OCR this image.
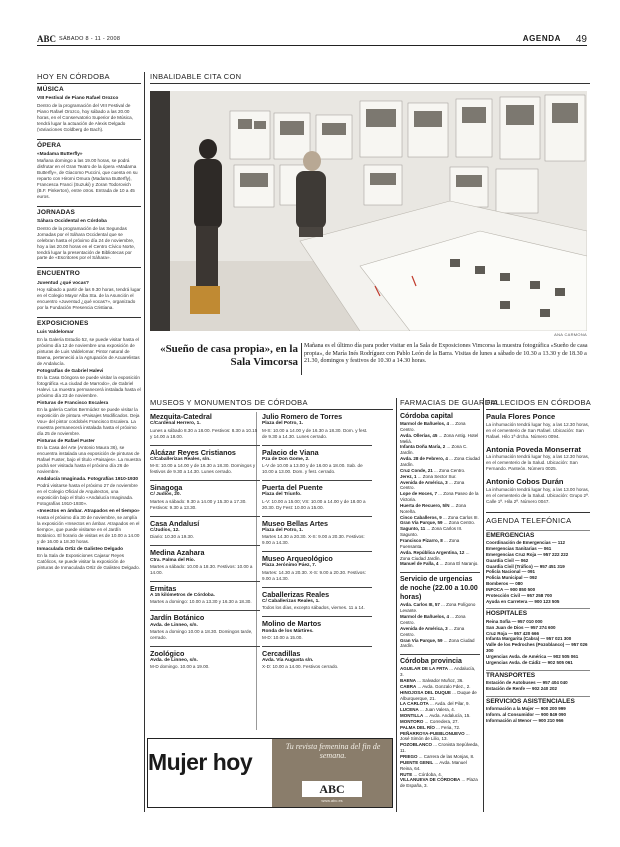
ABC SÁBADO 8 - 11 - 2008	AGENDA 49
HOY EN CÓRDOBA
MÚSICA
VIII Festival de Piano Rafael Orozco
Dentro de la programación del VIII Festival de Piano Rafael Orozco, hoy sábado a las 20.00 horas, en el Conservatorio Superior de Música, tendrá lugar la actuación de Alexis Delgado (Variaciones Goldberg de Bach).
ÓPERA
«Madama Butterfly»
Mañana domingo a las 19.00 horas, se podrá disfrutar en el Gran Teatro de la ópera «Madama Butterfly», de Giacomo Puccini, que cuenta en su reparto con Hiromi Omura (Madama Butterfly), Francesca Franci (Suzuki) y Zoran Todorovich (B.F. Pinkerton), entre otros. Entrada de 10 a 45 euros.
JORNADAS
Sáhara Occidental en Córdoba
Dentro de la programación de las Segundas Jornadas por el Sáhara Occidental que se celebran hasta el próximo día 24 de noviembre, hoy a las 20.00 horas en el Centro Cívico Norte, tendrá lugar la presentación de Bibliotecas por parte de «Escritores por el Sáhara».
ENCUENTRO
Juventud ¿qué vocas?
Hoy sábado a partir de las 9.30 horas, tendrá lugar en el Colegio Mayor Alba Sta. de la Asunción el encuentro «Juventud ¿qué vocas?», organizado por la Fundación Presencia Cristiana.
EXPOSICIONES
Luis Valdelomar
En la Galería Estudio 52, se puede visitar hasta el próximo día 12 de noviembre una exposición de pinturas de Luis Valdelomar. Pintor natural de Baena, perteneció a la Agrupación de Acuarelistas de Andalucía.
Fotografías de Gabriel Halevi
En la Casa Góngora se puede visitar la exposición fotográfica «La ciudad de Marrodo», de Gabriel Halevi. La muestra permanecerá instalada hasta el próximo día 23 de noviembre.
Pinturas de Francisco Escalera
En la galería Carlos Bermúdez se puede visitar la exposición de pintura «Paisajes Modificados. Deja Vou» del pintor cordobés Francisco Escalera. La muestra permanecerá instalada hasta el próximo día 25 de noviembre.
Pinturas de Rafael Fuster
En la Casa del Arte (Antonio Maura 36), se encuentra instalada una exposición de pinturas de Rafael Fuster, bajo el título «Paisajes». La muestra podrá ser visitada hasta el próximo día 26 de noviembre.
Andalucía Imaginada. Fotografías 1910-1930
Podrá visitarse hasta el próximo 27 de noviembre en el Colegio Oficial de Arquitectos, una exposición bajo el título «Andalucía Imaginada. Fotografías 1910-1930».
«Insectos en ámbar. Atrapados en el tiempo»
Hasta el próximo día 30 de noviembre, se amplía la exposición «Insectos en ámbar. Atrapados en el tiempo», que puede visitarse en el Jardín Botánico. El horario de visitas es de 10.00 a 14.00 y de 16.00 a 18.30 horas.
Inmaculada Ortiz de Galisteo Delgado
En la Sala de Exposiciones Cajasur Reyes Católicos, se puede visitar la exposición de pinturas de Inmaculada Ortiz de Galisteo Delgado.
INBALIDABLE CITA CON
ANA CARMONA
«Sueño de casa propia», en la Sala Vimcorsa
Mañana es el último día para poder visitar en la Sala de Exposiciones Vimcorsa la muestra fotográfica «Sueño de casa propia», de María Inés Rodríguez con Pablo León de la Barra. Visitas de lunes a sábado de 10.30 a 13.30 y de 18.30 a 21.30, domingos y festivos de 10.30 a 14.30 horas.
MUSEOS Y MONUMENTOS DE CÓRDOBA
Mezquita-Catedral
C/Cardenal Herrero, 1.
Lunes a sábado 8.30 a 18.00. Festivos: 8.30 a 10.15 y 14.00 a 18.00.
Alcázar Reyes Cristianos
C/Caballerizas Reales, s/n.
M-S: 10.00 a 14.00 y de 16.30 a 18.30. Domingos y festivos de 9.30 a 14.30. Lunes cerrado.
Sinagoga
C/ Judíos, 20.
Martes a sábado: 9.30 a 14.00 y 15.30 a 17.30. Festivos: 9.30 a 13.30.
Casa Andalusí
C/Judíos, 12.
Diario: 10.30 a 19.30.
Medina Azahara
Ctra. Palma del Río.
Martes a sábado: 10.00 a 18.30. Festivos: 10.00 a 14.00.
Ermitas
A 15 kilómetros de Córdoba.
Martes a domingo: 10.00 a 13.30 y 16.30 a 18.30.
Jardín Botánico
Avda. de Linneo, s/n.
Martes a domingo 10.00 a 18.30. Domingos tarde, cerrado.
Zoológico
Avda. de Linneo, s/n.
M-D domingo. 10.00 a 19.00.
Julio Romero de Torres
Plaza del Potro, 1.
M-S: 10.00 a 14.00 y de 16.30 a 18.30. Dom. y fest. de 9.30 a 14.30. Lunes cerrado.
Palacio de Viana
Pza de Don Gome, 2.
L-V de 10.00 a 13.00 y de 16.00 a 18.00. Sab. de 10.00 a 13.00. Dom. y fest. cerrado.
Puerta del Puente
Plaza del Triunfo.
L-V: 10.00 a 15.00; VS: 10.00 a 14.00 y de 18.00 a 20.30. Dy Fest: 10.00 a 15.00.
Museo Bellas Artes
Plaza del Potro, 1.
Martes 14.30 a 20.30. X-S: 9.00 a 20.30. Festivos: 9.00 a 14.30.
Museo Arqueológico
Plaza Jerónimo Páez, 7.
Martes: 14.30 a 20.30. X-S: 9.00 a 20.30. Festivos: 9.00 a 14.30.
Caballerizas Reales
C/ Caballerizas Reales, 1.
Todos los días, excepto sábados, viernes. 11 a 14.
Molino de Martos
Ronda de los Mártires.
M-D: 10.00 a 15.00.
Cercadillas
Avda. Vía Augusta s/n.
X-D: 10.00 a 14.00. Festivos cerrado.
FARMACIAS DE GUARDIA
Córdoba capital
Marmol de Bañuelos, 4 ... Zona Centro.
Avda. Ollerías, 45 ... Zona Antig. Hotel Meliá.
Infanta Doña María, 2 ... Zona C. Jardín.
Avda. 28 de Febrero, 4 ... Zona Ciudad Jardín.
Cruz Conde, 21 ... Zona Centro.
Jerez, 1 ... Zona Sector Sur.
Avenida de América, 3 ... Zona Centro.
Lope de Hoces, 7 ... Zona Paseo de la Victoria.
Huerta de Recuero, 5/N ... Zona Noreña.
Cinco Caballeros, 9 ... Zona Carlos III.
Gran Vía Parque, 59 ... Zona Centro.
Sagunto, 11 ... Zona Carlos III. Sagunto.
Francisco Pizarro, 8 ... Zona Fuensanta.
Avda. República Argentina, 12 ... Zona Ciudad Jardín.
Manuel de Falla, 4 ... Zona El Naranjo.
Servicio de urgencias de noche (22.00 a 10.00 horas)
Avda. Carlos III, 57 ... Zona Polígono Levante.
Marmol de Bañuelos, 4 ... Zona Centro.
Avenida de América, 3 ... Zona Centro.
Gran Vía Parque, 59 ... Zona Ciudad Jardín.
Córdoba provincia
AGUILAR DE LA FRTA ... Andalucía, 3.
BAENA ... Salvador Muñoz, 36.
CABRA ... Avda. Gonzalo Fdez., 2.
HINOJOSA DEL DUQUE ... Duque de Alburquerque, 21.
LA CARLOTA ... Avda. del Pilar, 9.
LUCENA ... Juan Valera, 4.
MONTILLA ... Avda. Andalucía, 15.
MONTORO ... Corredera, 27.
PALMA DEL RÍO ... Feria, 72.
PEÑARROYA-PUEBLONUEVO ... José Simón de Lilio, 13.
POZOBLANCO ... Cronista Sepúlveda, 11.
PRIEGO ... Carrera de las Monjas, 8.
PUENTE GENIL ... Avda. Manuel Reina, 64.
RUTE ... Córdoba, 4.
VILLANUEVA DE CÓRDOBA ... Plaza de España, 3.
FALLECIDOS EN CÓRDOBA
Paula Flores Ponce
La inhumación tendrá lugar hoy, a las 12.30 horas, en el cementerio de San Rafael. Ubicación: San Rafael. Hilo 1ª drcha. Número 0094.
Antonia Poveda Monserrat
La inhumación tendrá lugar hoy, a las 12.30 horas, en el cementerio de la Salud. Ubicación: San Fernando. Panteón. Número 0025.
Antonio Cobos Durán
La inhumación tendrá lugar hoy, a las 13.00 horas, en el cementerio de la Salud. Ubicación: Grupo 2ª. Calle 1ª. Hila 2ª. Número 0047.
AGENDA TELEFÓNICA
EMERGENCIAS
Coordinación de Emergencias — 112
Emergencias Sanitarias — 061
Emergencias Cruz Roja — 957 222 222
Guardia Civil — 062
Guardia Civil (Tráfico) — 957 451 319
Policía Nacional — 091
Policía Municipal — 092
Bomberos — 080
INFOCA — 900 850 500
Protección Civil — 957 258 700
Ayuda en Carretera — 900 123 505
HOSPITALES
Reina Sofía — 957 010 000
San Juan de Dios — 957 274 600
Cruz Roja — 957 420 666
Infanta Margarita (Cabra) — 957 021 300
Valle de los Pedroches (Pozoblanco) — 957 026 300
Urgencias Avda. de América — 902 505 061
Urgencias Avda. de Cádiz — 902 505 061
TRANSPORTES
Estación de Autobuses — 957 404 040
Estación de Renfe — 902 240 202
SERVICIOS ASISTENCIALES
Información a la Mujer — 900 200 999
Inform. al Consumidor — 900 849 090
Información al Menor — 900 210 966
Mujer hoy
Tu revista femenina del fin de semana.
ABC
www.abc.es
